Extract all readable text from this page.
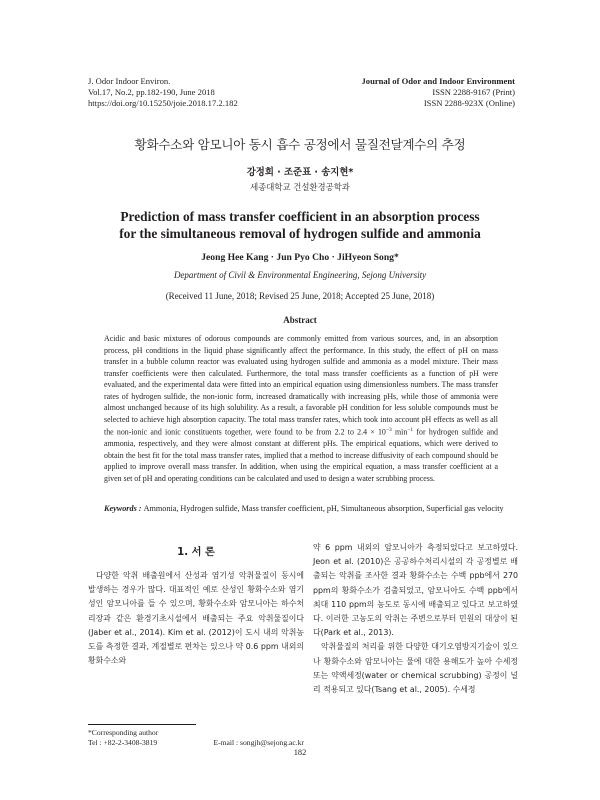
J. Odor Indoor Environ.
Vol.17, No.2, pp.182-190, June 2018
https://doi.org/10.15250/joie.2018.17.2.182
Journal of Odor and Indoor Environment
ISSN 2288-9167 (Print)
ISSN 2288-923X (Online)
황화수소와 암모니아 동시 흡수 공정에서 물질전달계수의 추정
강정희 · 조준표 · 송지현*
세종대학교 건설환경공학과
Prediction of mass transfer coefficient in an absorption process
for the simultaneous removal of hydrogen sulfide and ammonia
Jeong Hee Kang · Jun Pyo Cho · JiHyeon Song*
Department of Civil & Environmental Engineering, Sejong University
(Received 11 June, 2018; Revised 25 June, 2018; Accepted 25 June, 2018)
Abstract
Acidic and basic mixtures of odorous compounds are commonly emitted from various sources, and, in an absorption process, pH conditions in the liquid phase significantly affect the performance. In this study, the effect of pH on mass transfer in a bubble column reactor was evaluated using hydrogen sulfide and ammonia as a model mixture. Their mass transfer coefficients were then calculated. Furthermore, the total mass transfer coefficients as a function of pH were evaluated, and the experimental data were fitted into an empirical equation using dimensionless numbers. The mass transfer rates of hydrogen sulfide, the non-ionic form, increased dramatically with increasing pHs, while those of ammonia were almost unchanged because of its high solubility. As a result, a favorable pH condition for less soluble compounds must be selected to achieve high absorption capacity. The total mass transfer rates, which took into account pH effects as well as all the non-ionic and ionic constituents together, were found to be from 2.2 to $2.4 \times 10^{-3}$ $\min^{-1}$ for hydrogen sulfide and ammonia, respectively, and they were almost constant at different pHs. The empirical equations, which were derived to obtain the best fit for the total mass transfer rates, implied that a method to increase diffusivity of each compound should be applied to improve overall mass transfer. In addition, when using the empirical equation, a mass transfer coefficient at a given set of pH and operating conditions can be calculated and used to design a water scrubbing process.
Keywords : Ammonia, Hydrogen sulfide, Mass transfer coefficient, pH, Simultaneous absorption, Superficial gas velocity
1. 서 론
다양한 악취 배출원에서 산성과 염기성 악취물질이 동시에 발생하는 경우가 많다. 대표적인 예로 산성인 황화수소와 염기성인 암모니아를 들 수 있으며, 황화수소와 암모니아는 하수처리장과 같은 환경기초시설에서 배출되는 주요 악취물질이다(Jaber et al., 2014). Kim et al. (2012)이 도시 내의 악취농도를 측정한 결과, 계절별로 편차는 있으나 약 0.6 ppm 내외의 황화수소와

약 6 ppm 내외의 암모니아가 측정되었다고 보고하였다. Jeon et al. (2010)은 공공하수처리시설의 각 공정별로 배출되는 악취를 조사한 결과 황화수소는 수백 ppb에서 270 ppm의 황화수소가 검출되었고, 암모니아도 수백 ppb에서 최대 110 ppm의 농도로 동시에 배출되고 있다고 보고하였다. 이러한 고농도의 악취는 주변으로부터 민원의 대상이 된다(Park et al., 2013).

악취물질의 처리를 위한 다양한 대기오염방지기술이 있으나 황화수소와 암모니아는 물에 대한 용해도가 높아 수세정 또는 약액세정(water or chemical scrubbing) 공정이 널리 적용되고 있다(Tsang et al., 2005). 수세정

*Corresponding author
Tel : +82-2-3408-3819	E-mail : songjh@sejong.ac.kr
182
